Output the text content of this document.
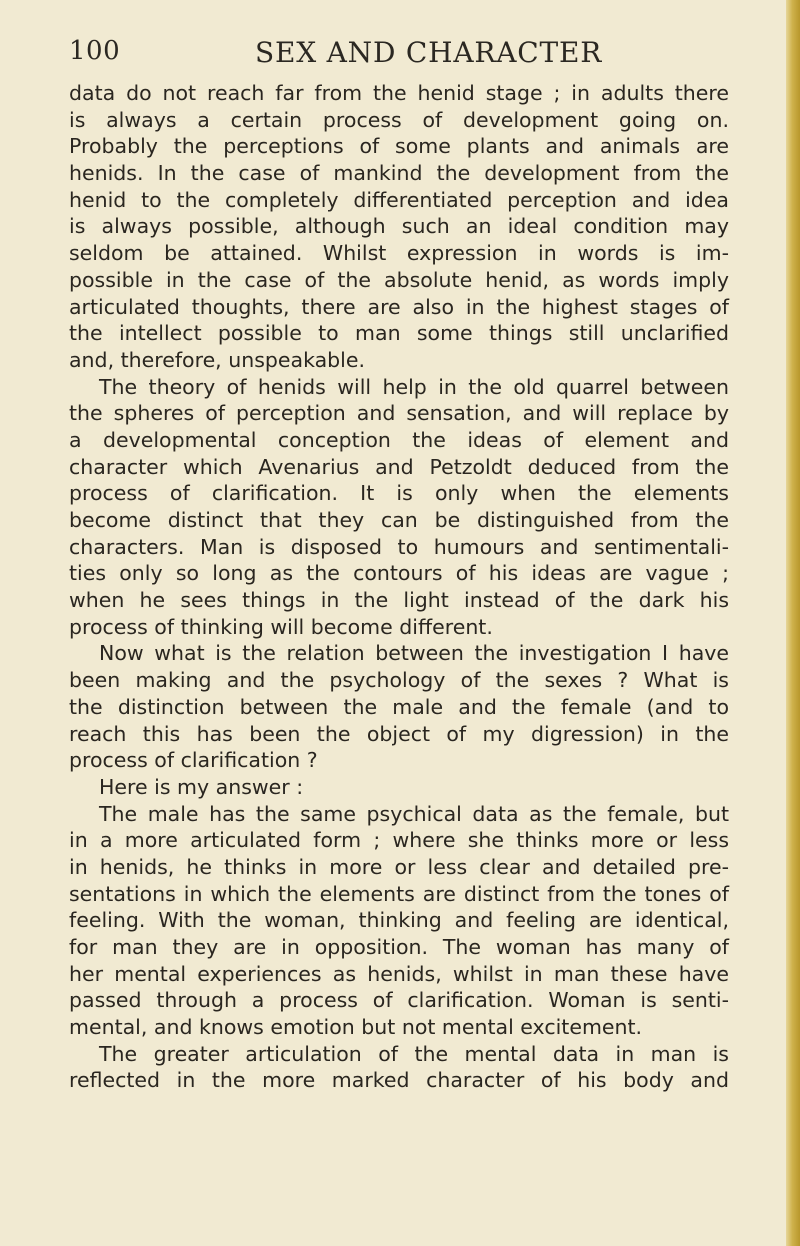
100	SEX AND CHARACTER
data do not reach far from the henid stage ; in adults there
is always a certain process of development going on.
Probably the perceptions of some plants and animals are
henids. In the case of mankind the development from the
henid to the completely differentiated perception and idea
is always possible, although such an ideal condition may
seldom be attained. Whilst expression in words is im-
possible in the case of the absolute henid, as words imply
articulated thoughts, there are also in the highest stages of
the intellect possible to man some things still unclarified
and, therefore, unspeakable.
The theory of henids will help in the old quarrel between
the spheres of perception and sensation, and will replace by
a developmental conception the ideas of element and
character which Avenarius and Petzoldt deduced from the
process of clarification. It is only when the elements
become distinct that they can be distinguished from the
characters. Man is disposed to humours and sentimentali-
ties only so long as the contours of his ideas are vague ;
when he sees things in the light instead of the dark his
process of thinking will become different.
Now what is the relation between the investigation I have
been making and the psychology of the sexes ? What is
the distinction between the male and the female (and to
reach this has been the object of my digression) in the
process of clarification ?
Here is my answer :
The male has the same psychical data as the female, but
in a more articulated form ; where she thinks more or less
in henids, he thinks in more or less clear and detailed pre-
sentations in which the elements are distinct from the tones of
feeling. With the woman, thinking and feeling are identical,
for man they are in opposition. The woman has many of
her mental experiences as henids, whilst in man these have
passed through a process of clarification. Woman is senti-
mental, and knows emotion but not mental excitement.
The greater articulation of the mental data in man is
reflected in the more marked character of his body and
